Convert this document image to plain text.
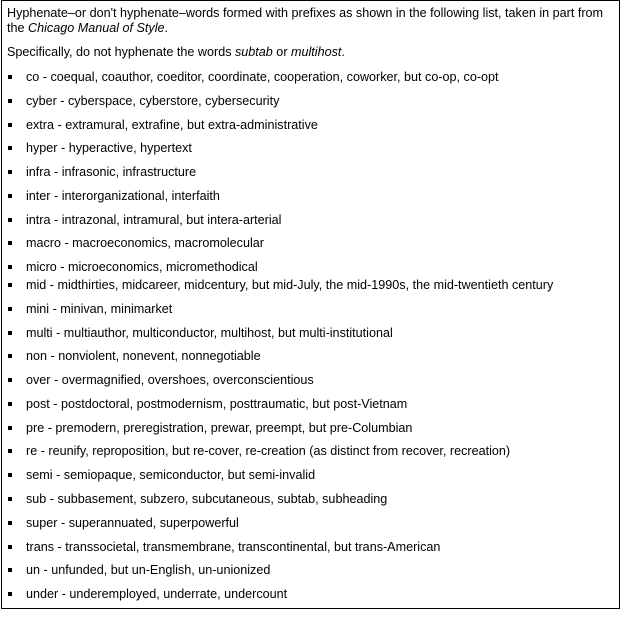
Hyphenate–or don't hyphenate–words formed with prefixes as shown in the following list, taken in part from the Chicago Manual of Style.

Specifically, do not hyphenate the words subtab or multihost.

co - coequal, coauthor, coeditor, coordinate, cooperation, coworker, but co-op, co-opt
cyber - cyberspace, cyberstore, cybersecurity
extra - extramural, extrafine, but extra-administrative
hyper - hyperactive, hypertext
infra - infrasonic, infrastructure
inter - interorganizational, interfaith
intra - intrazonal, intramural, but intera-arterial
macro - macroeconomics, macromolecular
micro - microeconomics, micromethodical
mid - midthirties, midcareer, midcentury, but mid-July, the mid-1990s, the mid-twentieth century
mini - minivan, minimarket
multi - multiauthor, multiconductor, multihost, but multi-institutional
non - nonviolent, nonevent, nonnegotiable
over - overmagnified, overshoes, overconscientious
post - postdoctoral, postmodernism, posttraumatic, but post-Vietnam
pre - premodern, preregistration, prewar, preempt, but pre-Columbian
re - reunify, reproposition, but re-cover, re-creation (as distinct from recover, recreation)
semi - semiopaque, semiconductor, but semi-invalid
sub - subbasement, subzero, subcutaneous, subtab, subheading
super - superannuated, superpowerful
trans - transsocietal, transmembrane, transcontinental, but trans-American
un - unfunded, but un-English, un-unionized
under - underemployed, underrate, undercount
